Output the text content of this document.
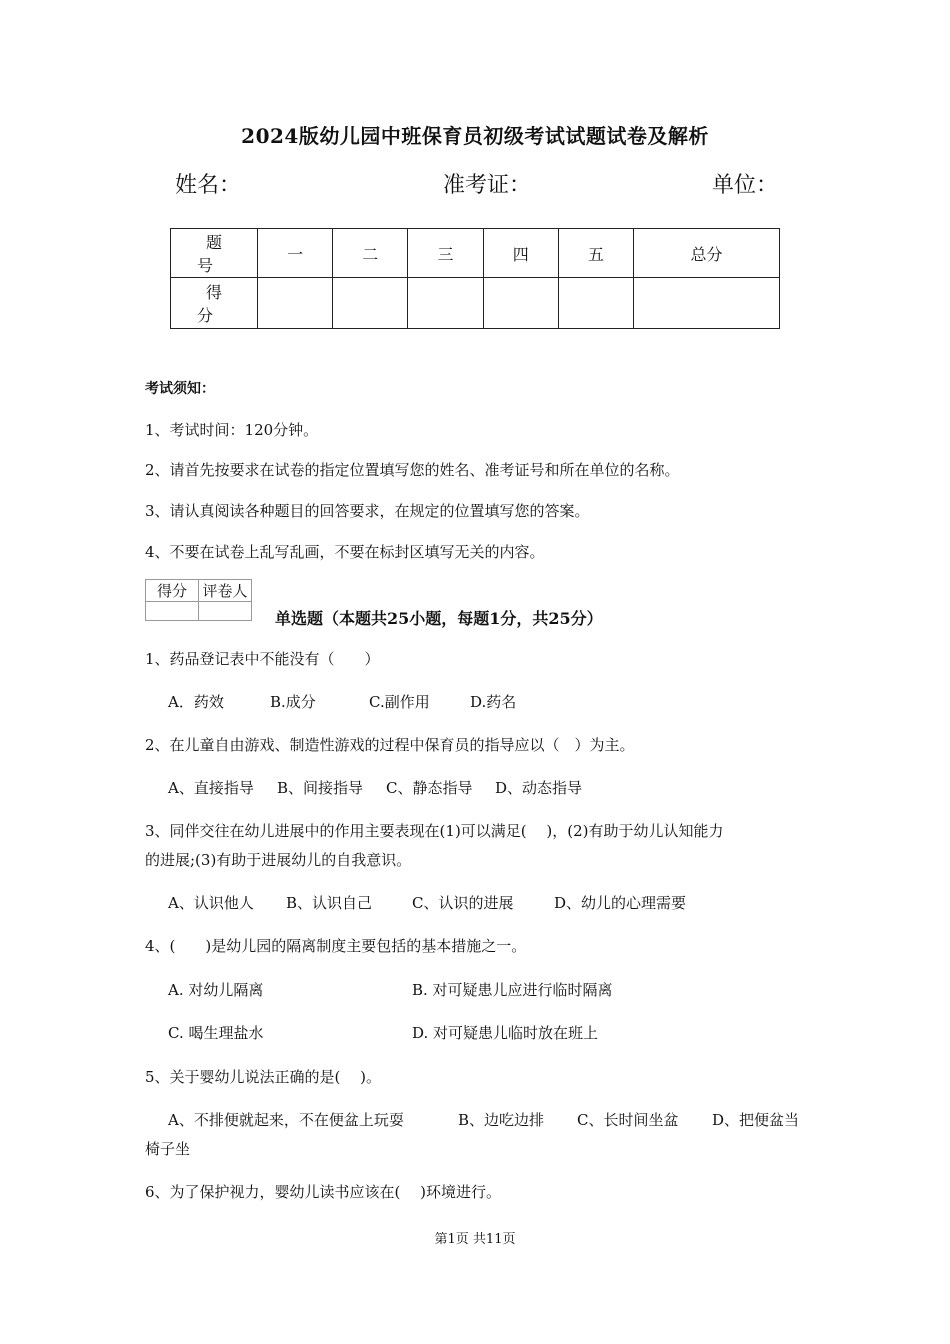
2024版幼儿园中班保育员初级考试试题试卷及解析
姓名：	准考证：	单位：
题 号	一	二	三	四	五	总分
得 分						
考试须知：
1、考试时间：120分钟。
2、请首先按要求在试卷的指定位置填写您的姓名、准考证号和所在单位的名称。
3、请认真阅读各种题目的回答要求，在规定的位置填写您的答案。
4、不要在试卷上乱写乱画，不要在标封区填写无关的内容。
得分	评卷人

单选题（本题共25小题，每题1分，共25分）
1、药品登记表中不能没有（　　）
A．药效	B.成分	C.副作用	D.药名
2、在儿童自由游戏、制造性游戏的过程中保育员的指导应以（　）为主。
A、直接指导 B、间接指导 C、静态指导 D、动态指导
3、同伴交往在幼儿进展中的作用主要表现在(1)可以满足(　 )，(2)有助于幼儿认知能力
的进展;(3)有助于进展幼儿的自我意识。
A、认识他人 B、认识自己	C、认识的进展	D、幼儿的心理需要
4、(　　)是幼儿园的隔离制度主要包括的基本措施之一。
A. 对幼儿隔离	B. 对可疑患儿应进行临时隔离
C. 喝生理盐水	D. 对可疑患儿临时放在班上
5、关于婴幼儿说法正确的是(　 )。
A、不排便就起来，不在便盆上玩耍	B、边吃边排 C、长时间坐盆 D、把便盆当
椅子坐
6、为了保护视力，婴幼儿读书应该在(　 )环境进行。
第1页 共11页
